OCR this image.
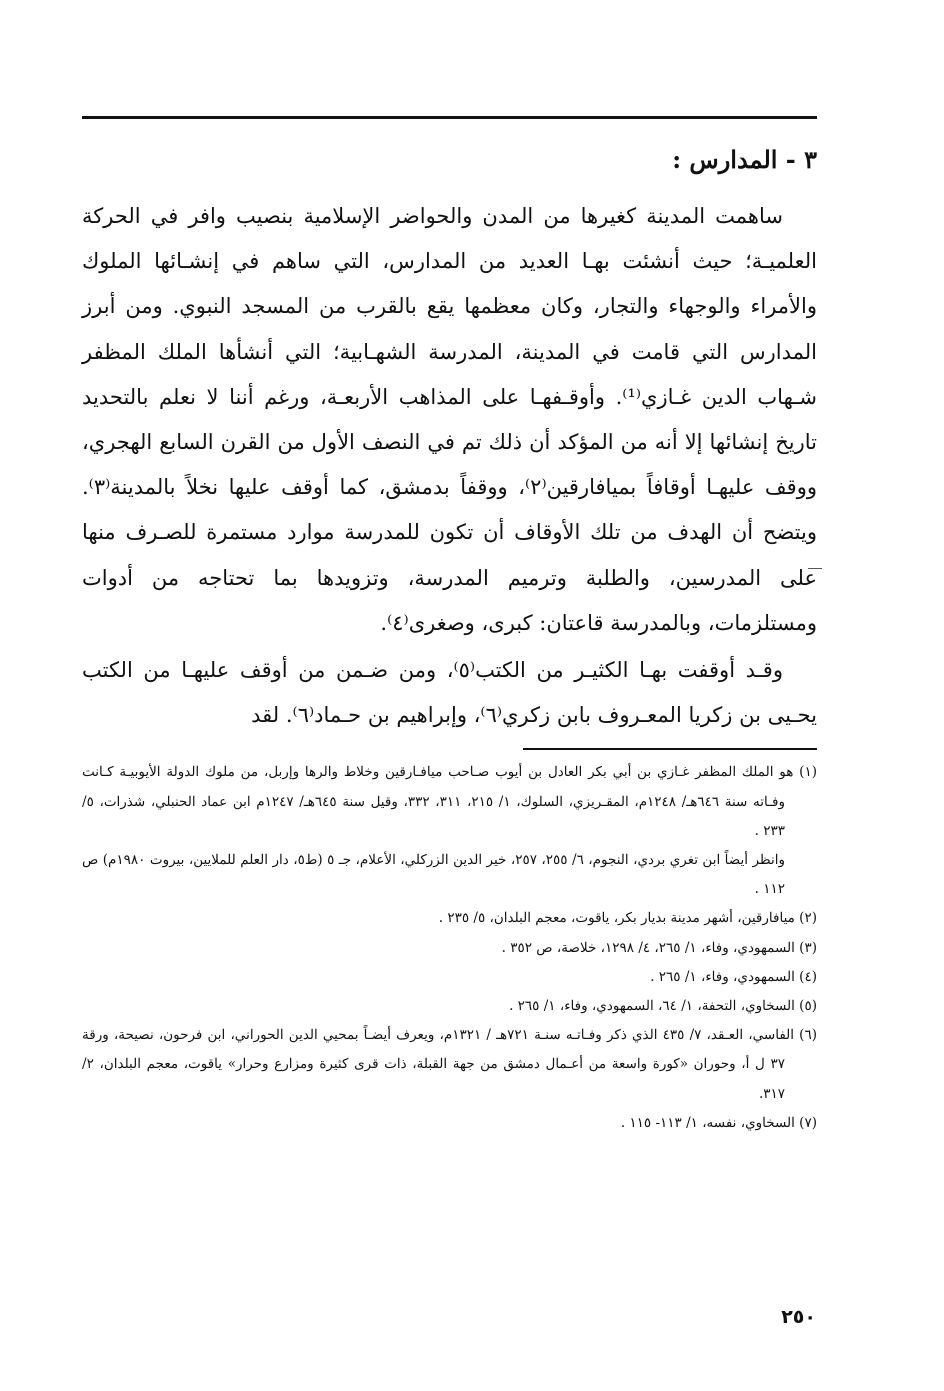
٣ - المدارس :

ساهمت المدينة كغيرها من المدن والحواضر الإسلامية بنصيب وافر في الحركة العلميـة؛ حيث أنشئت بهـا العديد من المدارس، التي ساهم في إنشـائها الملوك والأمراء والوجهاء والتجار، وكان معظمها يقع بالقرب من المسجد النبوي. ومن أبرز المدارس التي قامت في المدينة، المدرسة الشهـابية؛ التي أنشأها الملك المظفر شـهاب الدين غـازي⁽¹⁾. وأوقـفهـا على المذاهب الأربعـة، ورغم أننا لا نعلم بالتحديد تاريخ إنشائها إلا أنه من المؤكد أن ذلك تم في النصف الأول من القرن السابع الهجري، ووقف عليهـا أوقافاً بميافارقين⁽٢⁾، ووقفاً بدمشق، كما أوقف عليها نخلاً بالمدينة⁽٣⁾. ويتضح أن الهدف من تلك الأوقاف أن تكون للمدرسة موارد مستمرة للصـرف منها على المدرسين، والطلبة وترميم المدرسة، وتزويدها بما تحتاجه من أدوات ومستلزمات، وبالمدرسة قاعتان: كبرى، وصغرى⁽٤⁾.

وقـد أوقفت بهـا الكثيـر من الكتب⁽٥⁾، ومن ضـمن من أوقف عليهـا من الكتب يحـيى بن زكريا المعـروف بابن زكري⁽٦⁾، وإبراهيم بن حـماد⁽٦⁾. لقد

(١) هو الملك المظفر غـازي بن أبي بكر العادل بن أيوب صـاحب ميافـارقين وخلاط والرها وإربل، من ملوك الدولة الأيوبيـة كـانت وفـاته سنة ٦٤٦هـ/ ١٢٤٨م، المقـريزي، السلوك، ١/ ٢١٥، ٣١١، ٣٣٢، وقيل سنة ٦٤٥هـ/ ١٢٤٧م ابن عماد الحنبلي، شذرات، ٥/ ٢٣٣ .
وانظر أيضاً ابن تغري بردي، النجوم، ٦/ ٢٥٥، ٢٥٧، خير الدين الزركلي، الأعلام، جـ ٥ (ط٥، دار العلم للملايين، بيروت ١٩٨٠م) ص ١١٢ .
(٢) ميافارقين، أشهر مدينة بديار بكر، ياقوت، معجم البلدان، ٥/ ٢٣٥ .
(٣) السمهودي، وفاء، ١/ ٢٦٥، ٤/ ١٢٩٨، خلاصة، ص ٣٥٢ .
(٤) السمهودي، وفاء، ١/ ٢٦٥ .
(٥) السخاوي، التحفة، ١/ ٦٤، السمهودي، وفاء، ١/ ٢٦٥ .
(٦) الفاسي، العـقد، ٧/ ٤٣٥ الذي ذكر وفـاتـه سنـة ٧٢١هـ / ١٣٢١م، ويعرف أيضـاً بمحيي الدين الحوراني، ابن فرحون، نصيحة، ورقة ٣٧ ل أ، وحوران «كورة واسعة من أعـمال دمشق من جهة القبلة، ذات قرى كثيرة ومزارع وحرار» ياقوت، معجم البلدان، ٢/ ٣١٧.
(٧) السخاوي، نفسه، ١/ ١١٣- ١١٥ .
٢٥٠
